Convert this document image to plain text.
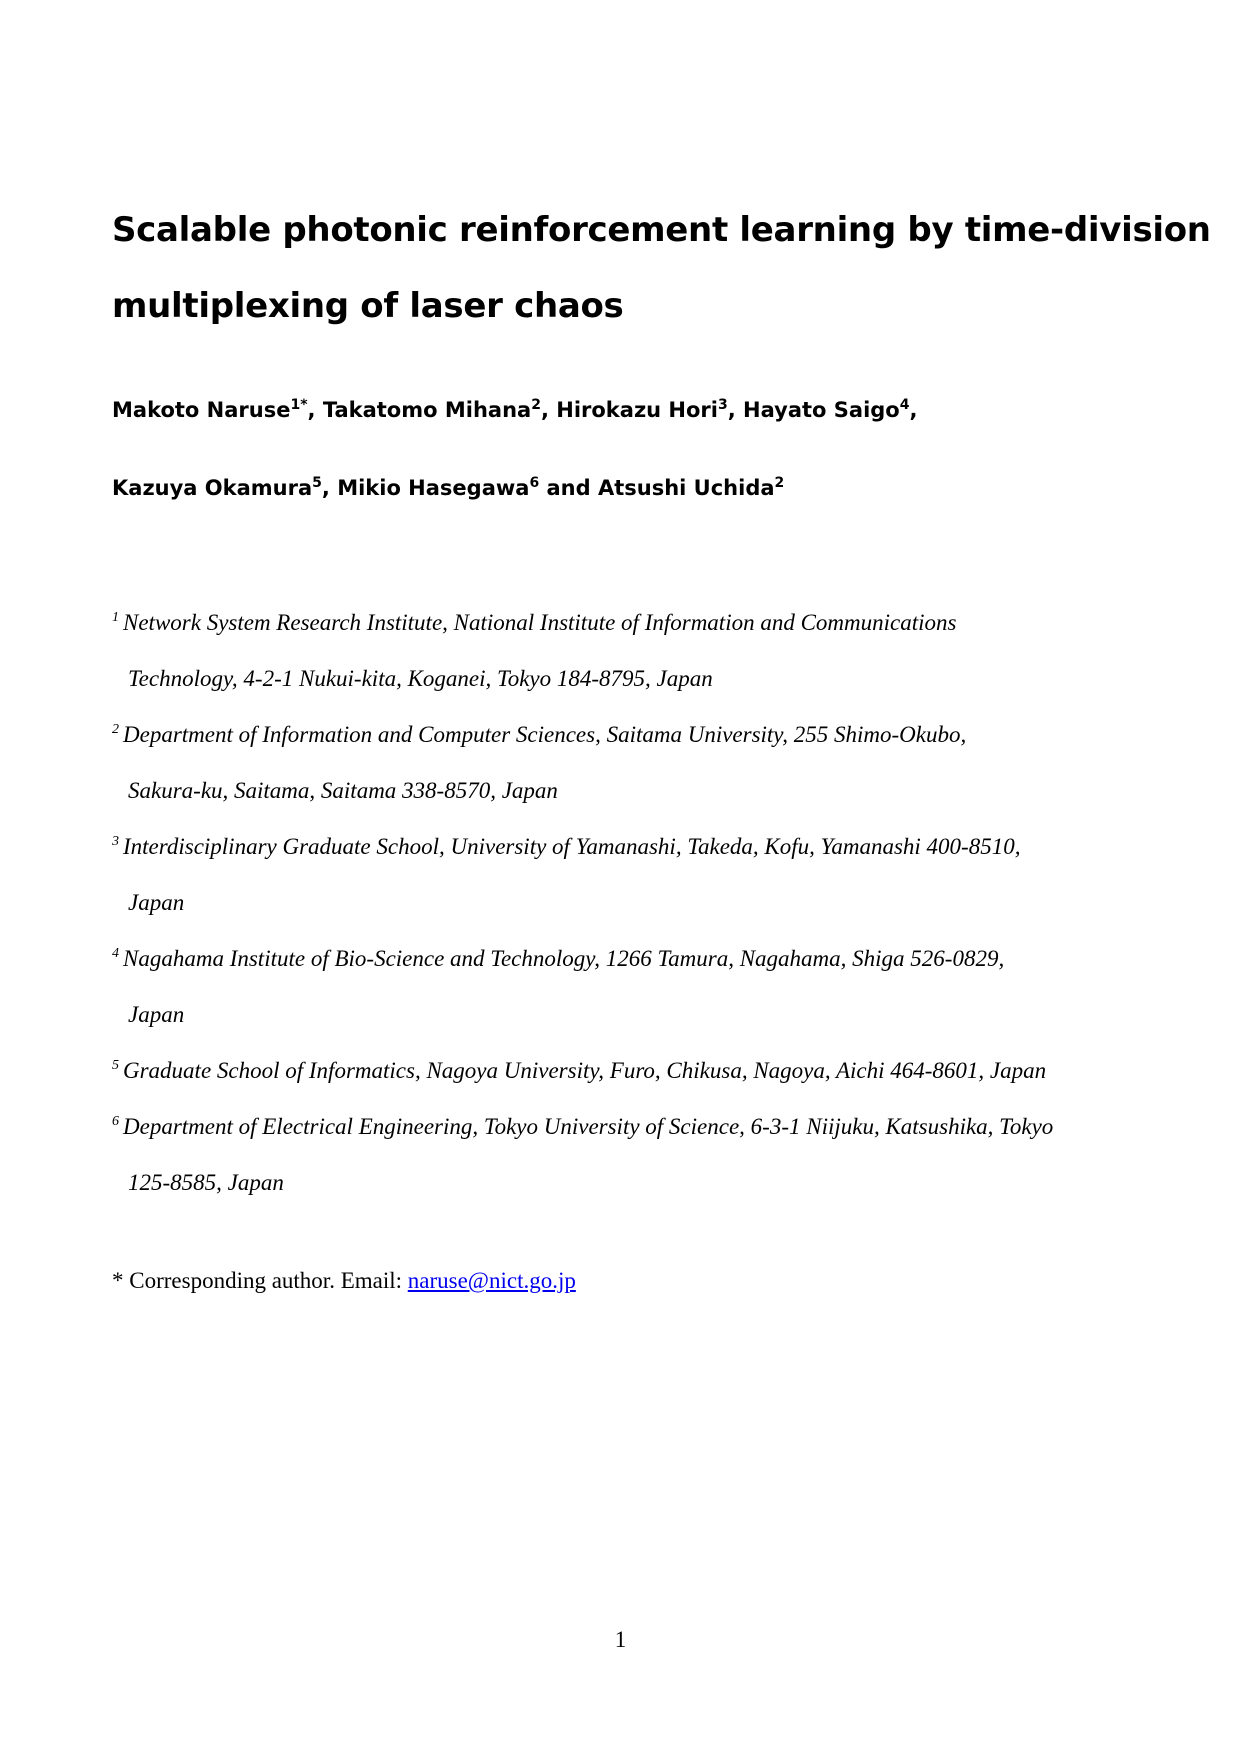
Scalable photonic reinforcement learning by time-division
multiplexing of laser chaos
Makoto Naruse$^{1*}$, Takatomo Mihana$^2$, Hirokazu Hori$^3$, Hayato Saigo$^4$,
Kazuya Okamura$^5$, Mikio Hasegawa$^6$ and Atsushi Uchida$^2$
$^1$ Network System Research Institute, National Institute of Information and Communications
Technology, 4-2-1 Nukui-kita, Koganei, Tokyo 184-8795, Japan
$^2$ Department of Information and Computer Sciences, Saitama University, 255 Shimo-Okubo,
Sakura-ku, Saitama, Saitama 338-8570, Japan
$^3$ Interdisciplinary Graduate School, University of Yamanashi, Takeda, Kofu, Yamanashi 400-8510,
Japan
$^4$ Nagahama Institute of Bio-Science and Technology, 1266 Tamura, Nagahama, Shiga 526-0829,
Japan
$^5$ Graduate School of Informatics, Nagoya University, Furo, Chikusa, Nagoya, Aichi 464-8601, Japan
$^6$ Department of Electrical Engineering, Tokyo University of Science, 6-3-1 Niijuku, Katsushika, Tokyo
125-8585, Japan
* Corresponding author. Email: naruse@nict.go.jp
1
